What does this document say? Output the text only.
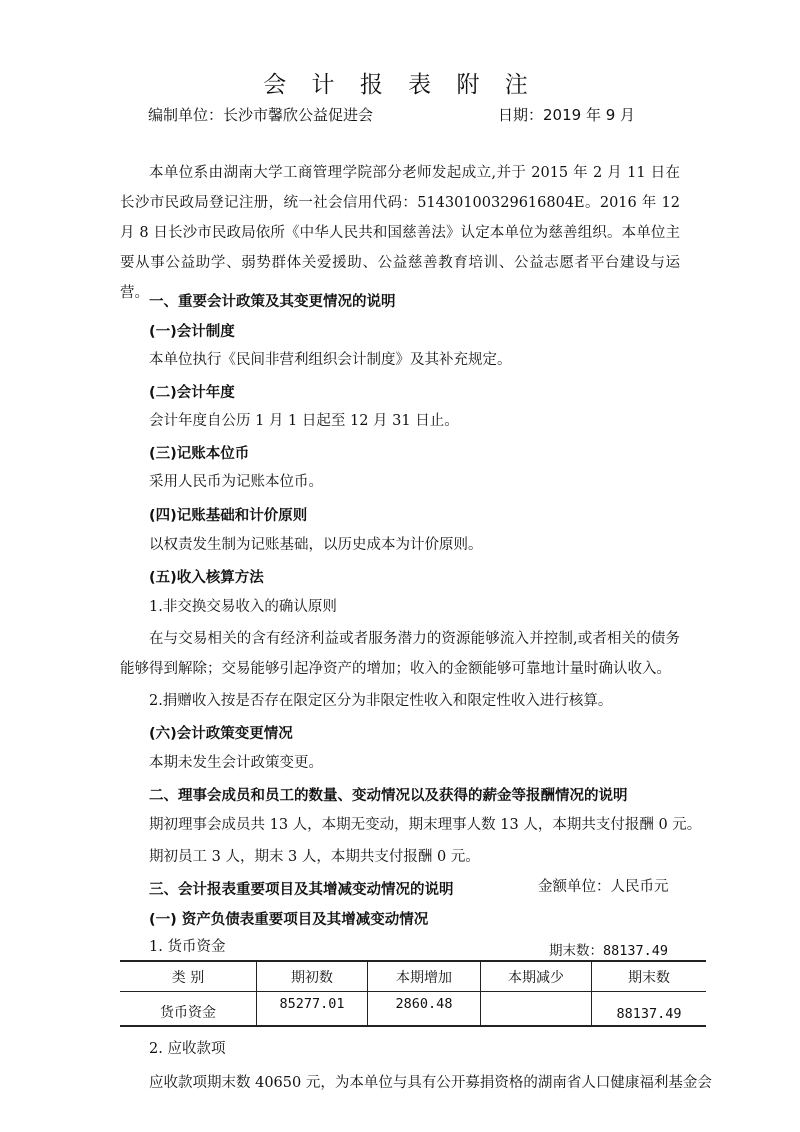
会 计 报 表 附 注
编制单位：长沙市馨欣公益促进会	日期：2019 年 9 月
本单位系由湖南大学工商管理学院部分老师发起成立,并于 2015 年 2 月 11 日在长沙市民政局登记注册，统一社会信用代码：51430100329616804E。2016 年 12 月 8 日长沙市民政局依所《中华人民共和国慈善法》认定本单位为慈善组织。本单位主要从事公益助学、弱势群体关爱援助、公益慈善教育培训、公益志愿者平台建设与运营。
一、重要会计政策及其变更情况的说明
(一)会计制度
本单位执行《民间非营利组织会计制度》及其补充规定。
(二)会计年度
会计年度自公历 1 月 1 日起至 12 月 31 日止。
(三)记账本位币
采用人民币为记账本位币。
(四)记账基础和计价原则
以权责发生制为记账基础，以历史成本为计价原则。
(五)收入核算方法
1.非交换交易收入的确认原则
在与交易相关的含有经济利益或者服务潜力的资源能够流入并控制,或者相关的债务能够得到解除；交易能够引起净资产的增加；收入的金额能够可靠地计量时确认收入。
2.捐赠收入按是否存在限定区分为非限定性收入和限定性收入进行核算。
(六)会计政策变更情况
本期未发生会计政策变更。
二、理事会成员和员工的数量、变动情况以及获得的薪金等报酬情况的说明
期初理事会成员共 13 人，本期无变动，期末理事人数 13 人，本期共支付报酬 0 元。
期初员工 3 人，期末 3 人，本期共支付报酬 0 元。
三、会计报表重要项目及其增减变动情况的说明	金额单位：人民币元
(一) 资产负债表重要项目及其增减变动情况
1. 货币资金	期末数：88137.49
类 别	期初数	本期增加	本期减少	期末数
货币资金	85277.01	2860.48		88137.49
2. 应收款项
应收款项期末数 40650 元，为本单位与具有公开募捐资格的湖南省人口健康福利基金会
